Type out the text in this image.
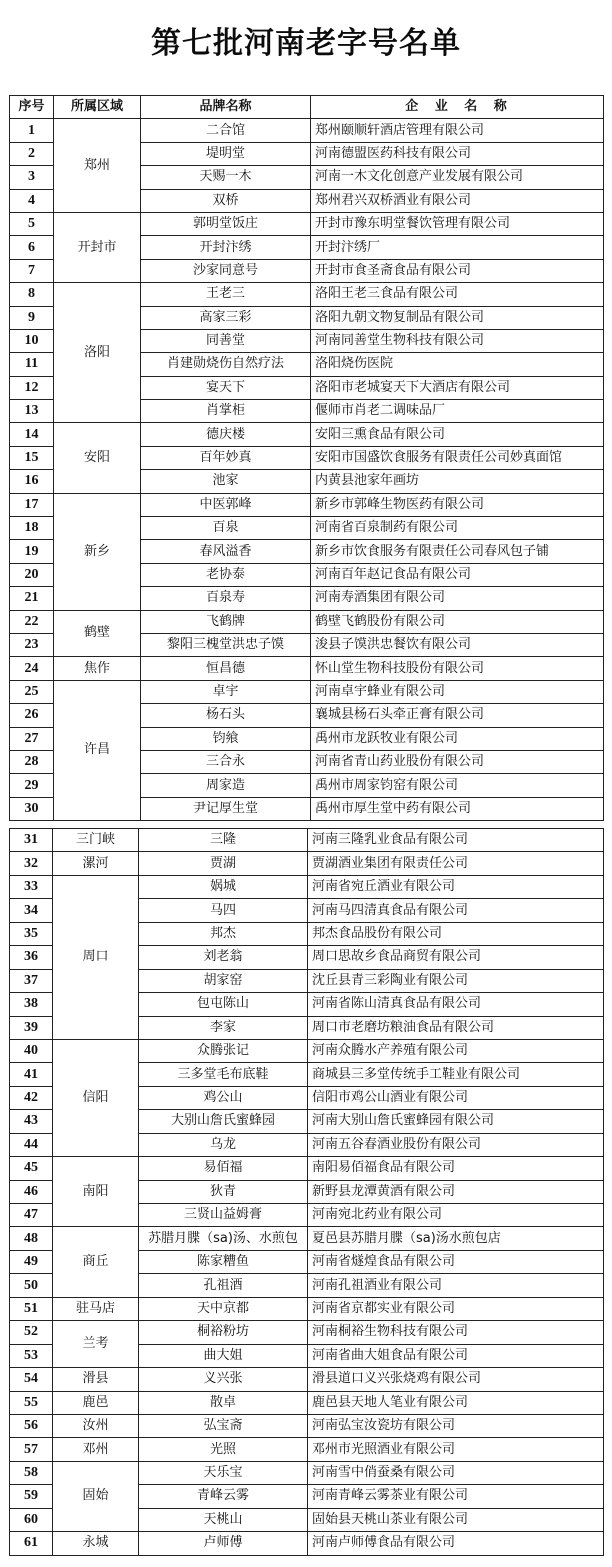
第七批河南老字号名单
序号	所属区域	品牌名称	企 业 名 称
1	郑州	二合馆	郑州颐顺轩酒店管理有限公司
2		堤明堂	河南德盟医药科技有限公司
3		天赐一木	河南一木文化创意产业发展有限公司
4		双桥	郑州君兴双桥酒业有限公司
5	开封市	郭明堂饭庄	开封市豫东明堂餐饮管理有限公司
6		开封汴绣	开封汴绣厂
7		沙家同意号	开封市食圣斋食品有限公司
8	洛阳	王老三	洛阳王老三食品有限公司
9		高家三彩	洛阳九朝文物复制品有限公司
10		同善堂	河南同善堂生物科技有限公司
11		肖建勋烧伤自然疗法	洛阳烧伤医院
12		宴天下	洛阳市老城宴天下大酒店有限公司
13		肖掌柜	偃师市肖老二调味品厂
14	安阳	德庆楼	安阳三熏食品有限公司
15		百年妙真	安阳市国盛饮食服务有限责任公司妙真面馆
16		池家	内黄县池家年画坊
17	新乡	中医郭峰	新乡市郭峰生物医药有限公司
18		百泉	河南省百泉制药有限公司
19		春风溢香	新乡市饮食服务有限责任公司春风包子铺
20		老协泰	河南百年赵记食品有限公司
21		百泉寿	河南寿酒集团有限公司
22	鹤壁	飞鹤牌	鹤壁飞鹤股份有限公司
23		黎阳三槐堂洪忠子馍	浚县子馍洪忠餐饮有限公司
24	焦作	恒昌德	怀山堂生物科技股份有限公司
25	许昌	卓宇	河南卓宇蜂业有限公司
26		杨石头	襄城县杨石头牵正膏有限公司
27		钧飨	禹州市龙跃牧业有限公司
28		三合永	河南省青山药业股份有限公司
29		周家造	禹州市周家钧窑有限公司
30		尹记厚生堂	禹州市厚生堂中药有限公司
31	三门峡	三隆	河南三隆乳业食品有限公司
32	漯河	贾湖	贾湖酒业集团有限责任公司
33	周口	娲城	河南省宛丘酒业有限公司
34		马四	河南马四清真食品有限公司
35		邦杰	邦杰食品股份有限公司
36		刘老翁	周口思故乡食品商贸有限公司
37		胡家窑	沈丘县青三彩陶业有限公司
38		包屯陈山	河南省陈山清真食品有限公司
39		李家	周口市老磨坊粮油食品有限公司
40	信阳	众腾张记	河南众腾水产养殖有限公司
41		三多堂毛布底鞋	商城县三多堂传统手工鞋业有限公司
42		鸡公山	信阳市鸡公山酒业有限公司
43		大别山詹氏蜜蜂园	河南大别山詹氏蜜蜂园有限公司
44		乌龙	河南五谷春酒业股份有限公司
45	南阳	易佰福	南阳易佰福食品有限公司
46		狄青	新野县龙潭黄酒有限公司
47		三贤山益姆膏	河南宛北药业有限公司
48	商丘	苏腊月䐑（sa)汤、水煎包	夏邑县苏腊月䐑（sa)汤水煎包店
49		陈家糟鱼	河南省燧煌食品有限公司
50		孔祖酒	河南孔祖酒业有限公司
51	驻马店	天中京都	河南省京都实业有限公司
52	兰考	桐裕粉坊	河南桐裕生物科技有限公司
53		曲大姐	河南省曲大姐食品有限公司
54	滑县	义兴张	滑县道口义兴张烧鸡有限公司
55	鹿邑	散卓	鹿邑县天地人笔业有限公司
56	汝州	弘宝斋	河南弘宝汝瓷坊有限公司
57	邓州	光照	邓州市光照酒业有限公司
58	固始	天乐宝	河南雪中俏蚕桑有限公司
59		青峰云雾	河南青峰云雾茶业有限公司
60		天桃山	固始县天桃山茶业有限公司
61	永城	卢师傅	河南卢师傅食品有限公司
